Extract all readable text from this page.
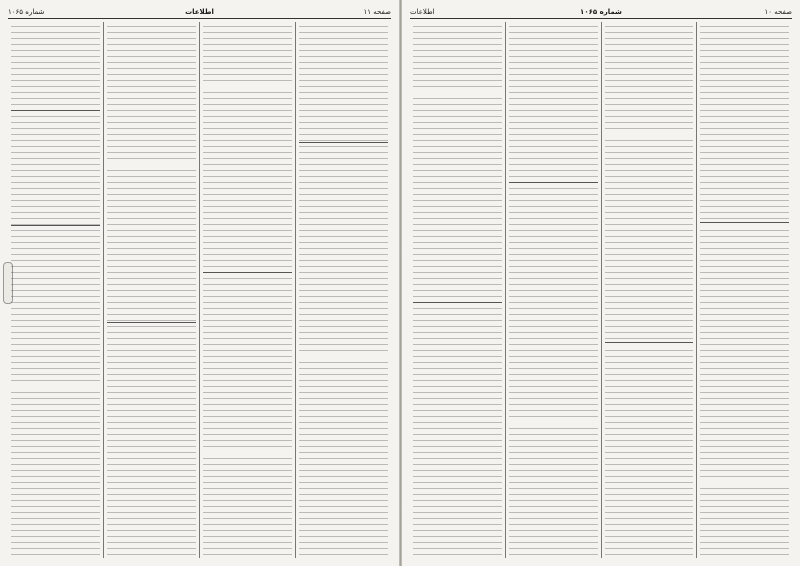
شماره ۱۰۶۵	اطلاعات	صفحه ۱۱	اطلاعات	شماره ۱۰۶۵	صفحه ۱۰
